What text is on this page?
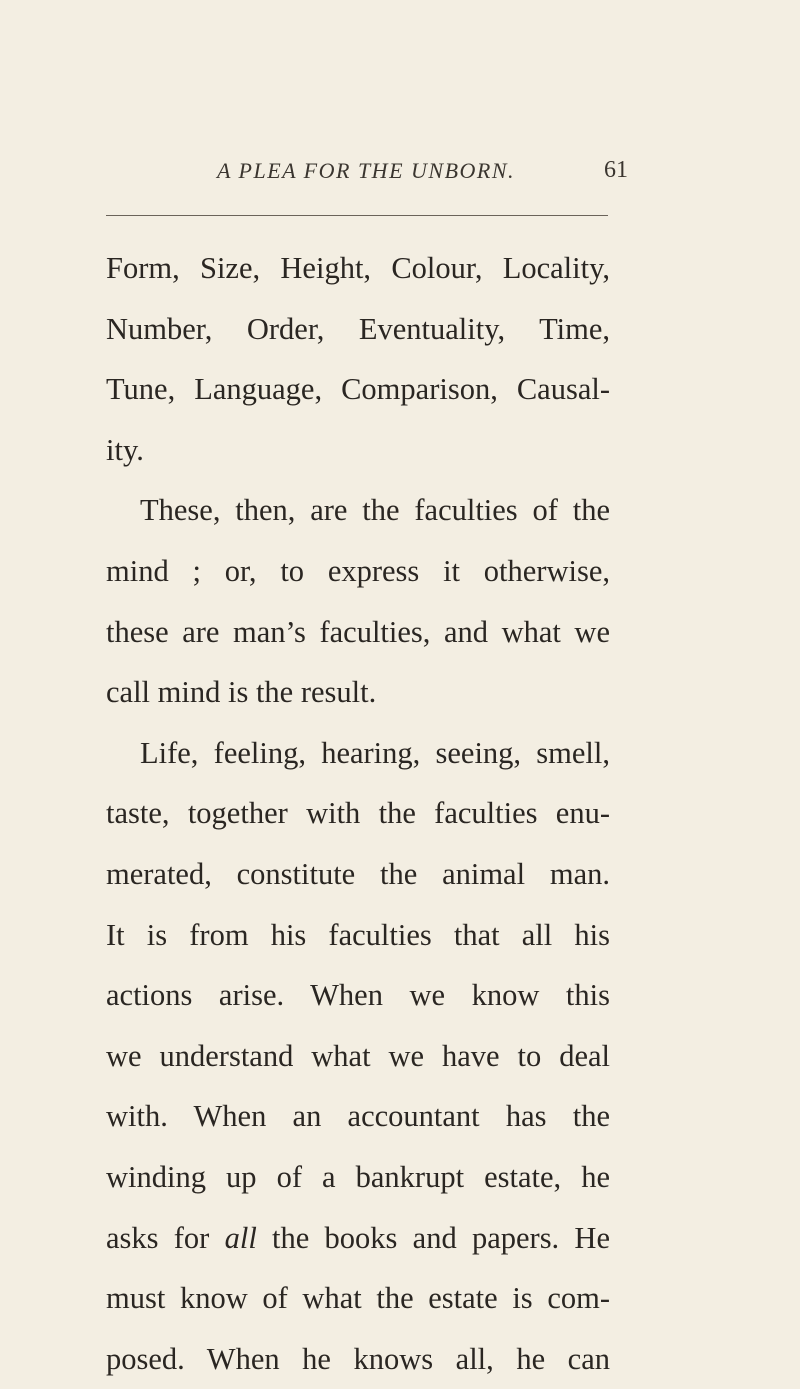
A PLEA FOR THE UNBORN.	61
Form, Size, Height, Colour, Locality,
Number, Order, Eventuality, Time,
Tune, Language, Comparison, Causal-
ity.
These, then, are the faculties of the
mind ; or, to express it otherwise,
these are man’s faculties, and what we
call mind is the result.
Life, feeling, hearing, seeing, smell,
taste, together with the faculties enu-
merated, constitute the animal man.
It is from his faculties that all his
actions arise. When we know this
we understand what we have to deal
with. When an accountant has the
winding up of a bankrupt estate, he
asks for all the books and papers. He
must know of what the estate is com-
posed. When he knows all, he can
